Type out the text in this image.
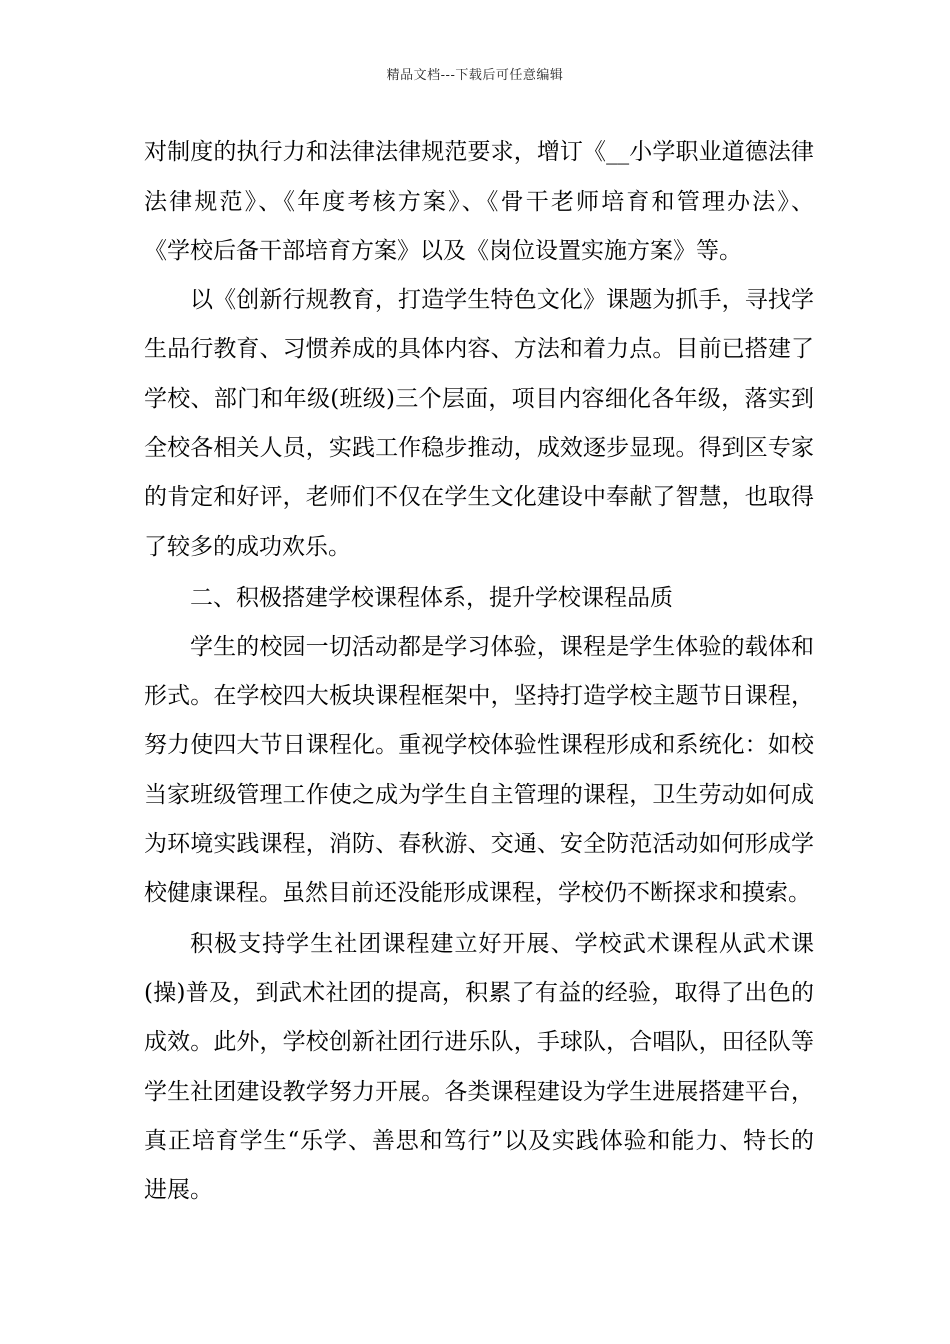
精品文档---下载后可任意编辑
对制度的执行力和法律法律规范要求，增订《__小学职业道德法律
法律规范》、《年度考核方案》、《骨干老师培育和管理办法》、
《学校后备干部培育方案》以及《岗位设置实施方案》等。
以《创新行规教育，打造学生特色文化》课题为抓手，寻找学
生品行教育、习惯养成的具体内容、方法和着力点。目前已搭建了
学校、部门和年级(班级)三个层面，项目内容细化各年级，落实到
全校各相关人员，实践工作稳步推动，成效逐步显现。得到区专家
的肯定和好评，老师们不仅在学生文化建设中奉献了智慧，也取得
了较多的成功欢乐。
二、积极搭建学校课程体系，提升学校课程品质
学生的校园一切活动都是学习体验，课程是学生体验的载体和
形式。在学校四大板块课程框架中，坚持打造学校主题节日课程，
努力使四大节日课程化。重视学校体验性课程形成和系统化：如校
当家班级管理工作使之成为学生自主管理的课程，卫生劳动如何成
为环境实践课程，消防、春秋游、交通、安全防范活动如何形成学
校健康课程。虽然目前还没能形成课程，学校仍不断探求和摸索。
积极支持学生社团课程建立好开展、学校武术课程从武术课
(操)普及，到武术社团的提高，积累了有益的经验，取得了出色的
成效。此外，学校创新社团行进乐队，手球队，合唱队，田径队等
学生社团建设教学努力开展。各类课程建设为学生进展搭建平台，
真正培育学生“乐学、善思和笃行”以及实践体验和能力、特长的
进展。
